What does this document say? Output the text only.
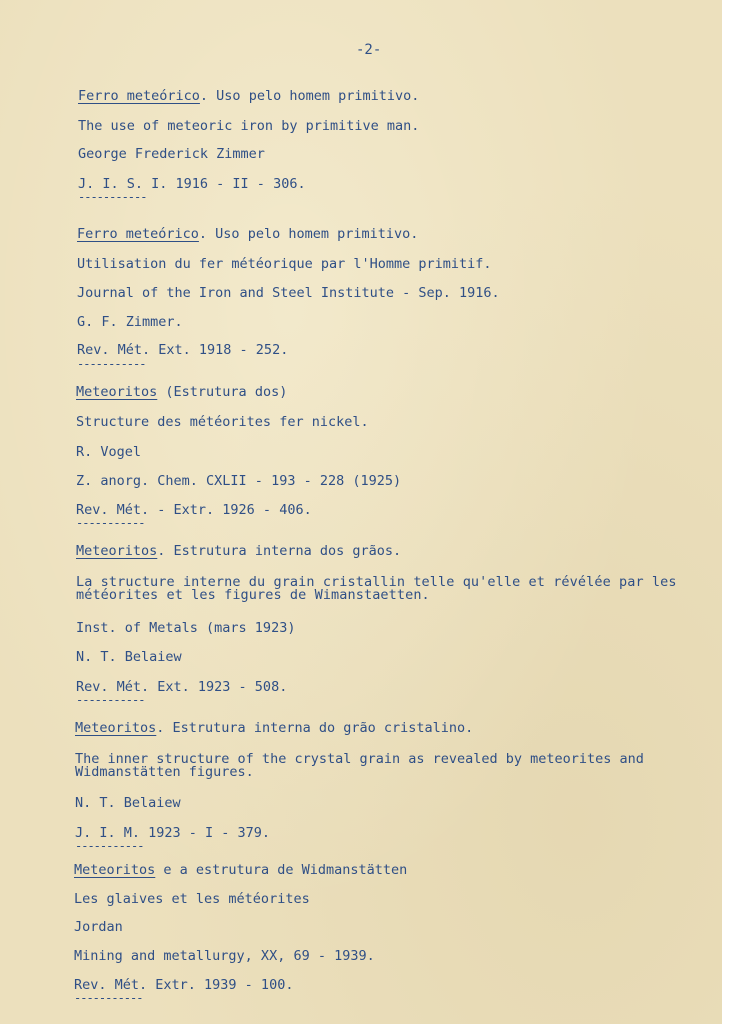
-2-
Ferro meteórico. Uso pelo homem primitivo.
The use of meteoric iron by primitive man.
George Frederick Zimmer
J. I. S. I. 1916 - II - 306.
-----------
Ferro meteórico. Uso pelo homem primitivo.
Utilisation du fer météorique par l'Homme primitif.
Journal of the Iron and Steel Institute - Sep. 1916.
G. F. Zimmer.
Rev. Mét. Ext. 1918 - 252.
-----------
Meteoritos (Estrutura dos)
Structure des météorites fer nickel.
R. Vogel
Z. anorg. Chem. CXLII - 193 - 228 (1925)
Rev. Mét. - Extr. 1926 - 406.
-----------
Meteoritos. Estrutura interna dos grãos.
La structure interne du grain cristallin telle qu'elle et révélée par les météorites et les figures de Wimanstaetten.
Inst. of Metals (mars 1923)
N. T. Belaiew
Rev. Mét. Ext. 1923 - 508.
-----------
Meteoritos. Estrutura interna do grão cristalino.
The inner structure of the crystal grain as revealed by meteorites and Widmanstätten figures.
N. T. Belaiew
J. I. M. 1923 - I - 379.
-----------
Meteoritos e a estrutura de Widmanstätten
Les glaives et les météorites
Jordan
Mining and metallurgy, XX, 69 - 1939.
Rev. Mét. Extr. 1939 - 100.
-----------
